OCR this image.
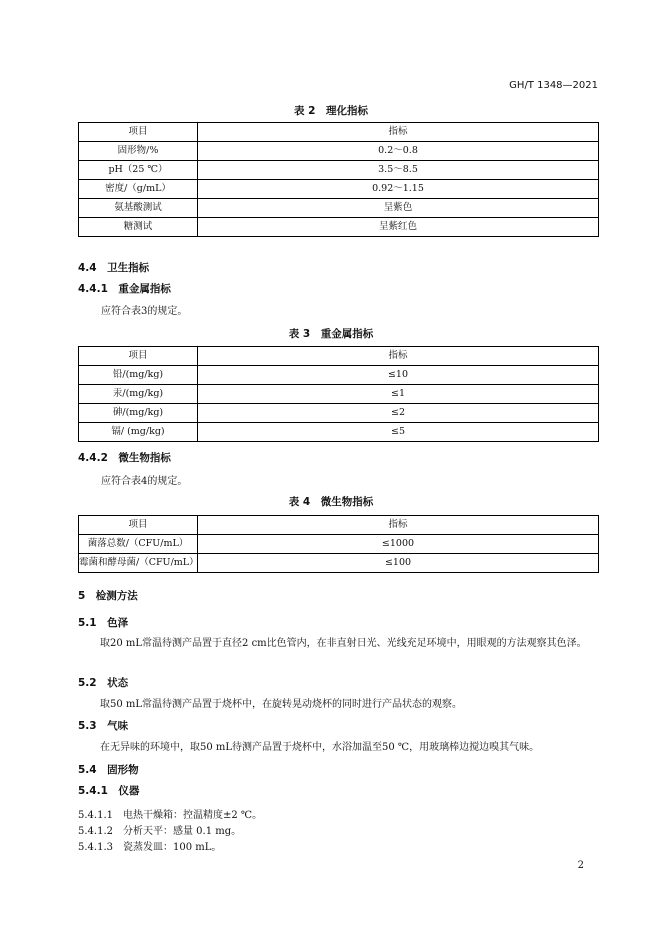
GH/T 1348—2021
表 2　理化指标
项目	指标
固形物/%	0.2～0.8
pH（25 ℃）	3.5～8.5
密度/（g/mL）	0.92～1.15
氨基酸测试	呈紫色
糖测试	呈紫红色
4.4　卫生指标
4.4.1　重金属指标
应符合表3的规定。
表 3　重金属指标
项目	指标
铅/(mg/kg)	≤10
汞/(mg/kg)	≤1
砷/(mg/kg)	≤2
镉/ (mg/kg)	≤5
4.4.2　微生物指标
应符合表4的规定。
表 4　微生物指标
项目	指标
菌落总数/（CFU/mL）	≤1000
霉菌和酵母菌/（CFU/mL）	≤100
5　检测方法
5.1　色泽
取20 mL常温待测产品置于直径2 cm比色管内，在非直射日光、光线充足环境中，用眼观的方法观察其色泽。
5.2　状态
取50 mL常温待测产品置于烧杯中，在旋转晃动烧杯的同时进行产品状态的观察。
5.3　气味
在无异味的环境中，取50 mL待测产品置于烧杯中，水浴加温至50 ℃，用玻璃棒边搅边嗅其气味。
5.4　固形物
5.4.1　仪器
5.4.1.1　电热干燥箱：控温精度±2 ℃。
5.4.1.2　分析天平：感量 0.1 mg。
5.4.1.3　瓷蒸发皿：100 mL。
2
